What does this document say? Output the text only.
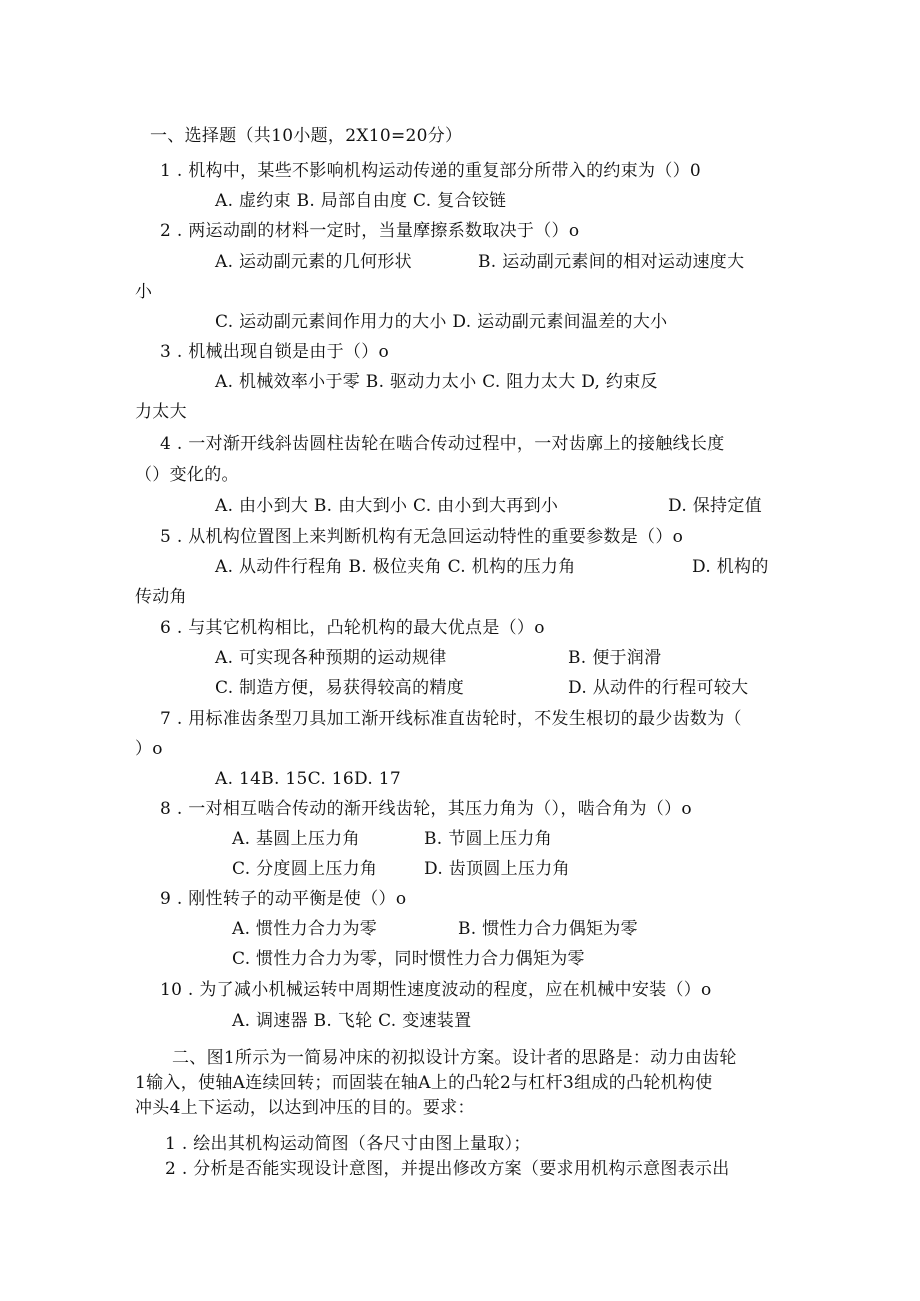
一、选择题（共10小题，2X10=20分）
1 . 机构中，某些不影响机构运动传递的重复部分所带入的约束为（）0
A. 虚约束 B. 局部自由度 C. 复合铰链
2 . 两运动副的材料一定时，当量摩擦系数取决于（）o
A. 运动副元素的几何形状	B. 运动副元素间的相对运动速度大
小
C. 运动副元素间作用力的大小 D. 运动副元素间温差的大小
3 . 机械出现自锁是由于（）o
A. 机械效率小于零 B. 驱动力太小 C. 阻力太大 D, 约束反
力太大
4 . 一对渐开线斜齿圆柱齿轮在啮合传动过程中，一对齿廓上的接触线长度
（）变化的。
A. 由小到大 B. 由大到小 C. 由小到大再到小	D. 保持定值
5 . 从机构位置图上来判断机构有无急回运动特性的重要参数是（）o
A. 从动件行程角 B. 极位夹角 C. 机构的压力角	D. 机构的
传动角
6 . 与其它机构相比，凸轮机构的最大优点是（）o
A. 可实现各种预期的运动规律	B. 便于润滑
C. 制造方便，易获得较高的精度	D. 从动件的行程可较大
7 . 用标准齿条型刀具加工渐开线标准直齿轮时，不发生根切的最少齿数为（
）o
A. 14B. 15C. 16D. 17
8 . 一对相互啮合传动的渐开线齿轮，其压力角为（），啮合角为（）o
A. 基圆上压力角	B. 节圆上压力角
C. 分度圆上压力角	D. 齿顶圆上压力角
9 . 刚性转子的动平衡是使（）o
A. 惯性力合力为零	B. 惯性力合力偶矩为零
C. 惯性力合力为零，同时惯性力合力偶矩为零
10 . 为了减小机械运转中周期性速度波动的程度，应在机械中安装（）o
A. 调速器 B. 飞轮 C. 变速装置
二、图1所示为一简易冲床的初拟设计方案。设计者的思路是：动力由齿轮
1输入，使轴A连续回转；而固装在轴A上的凸轮2与杠杆3组成的凸轮机构使
冲头4上下运动，以达到冲压的目的。要求：
1 . 绘出其机构运动简图（各尺寸由图上量取）；
2 . 分析是否能实现设计意图，并提出修改方案（要求用机构示意图表示出
